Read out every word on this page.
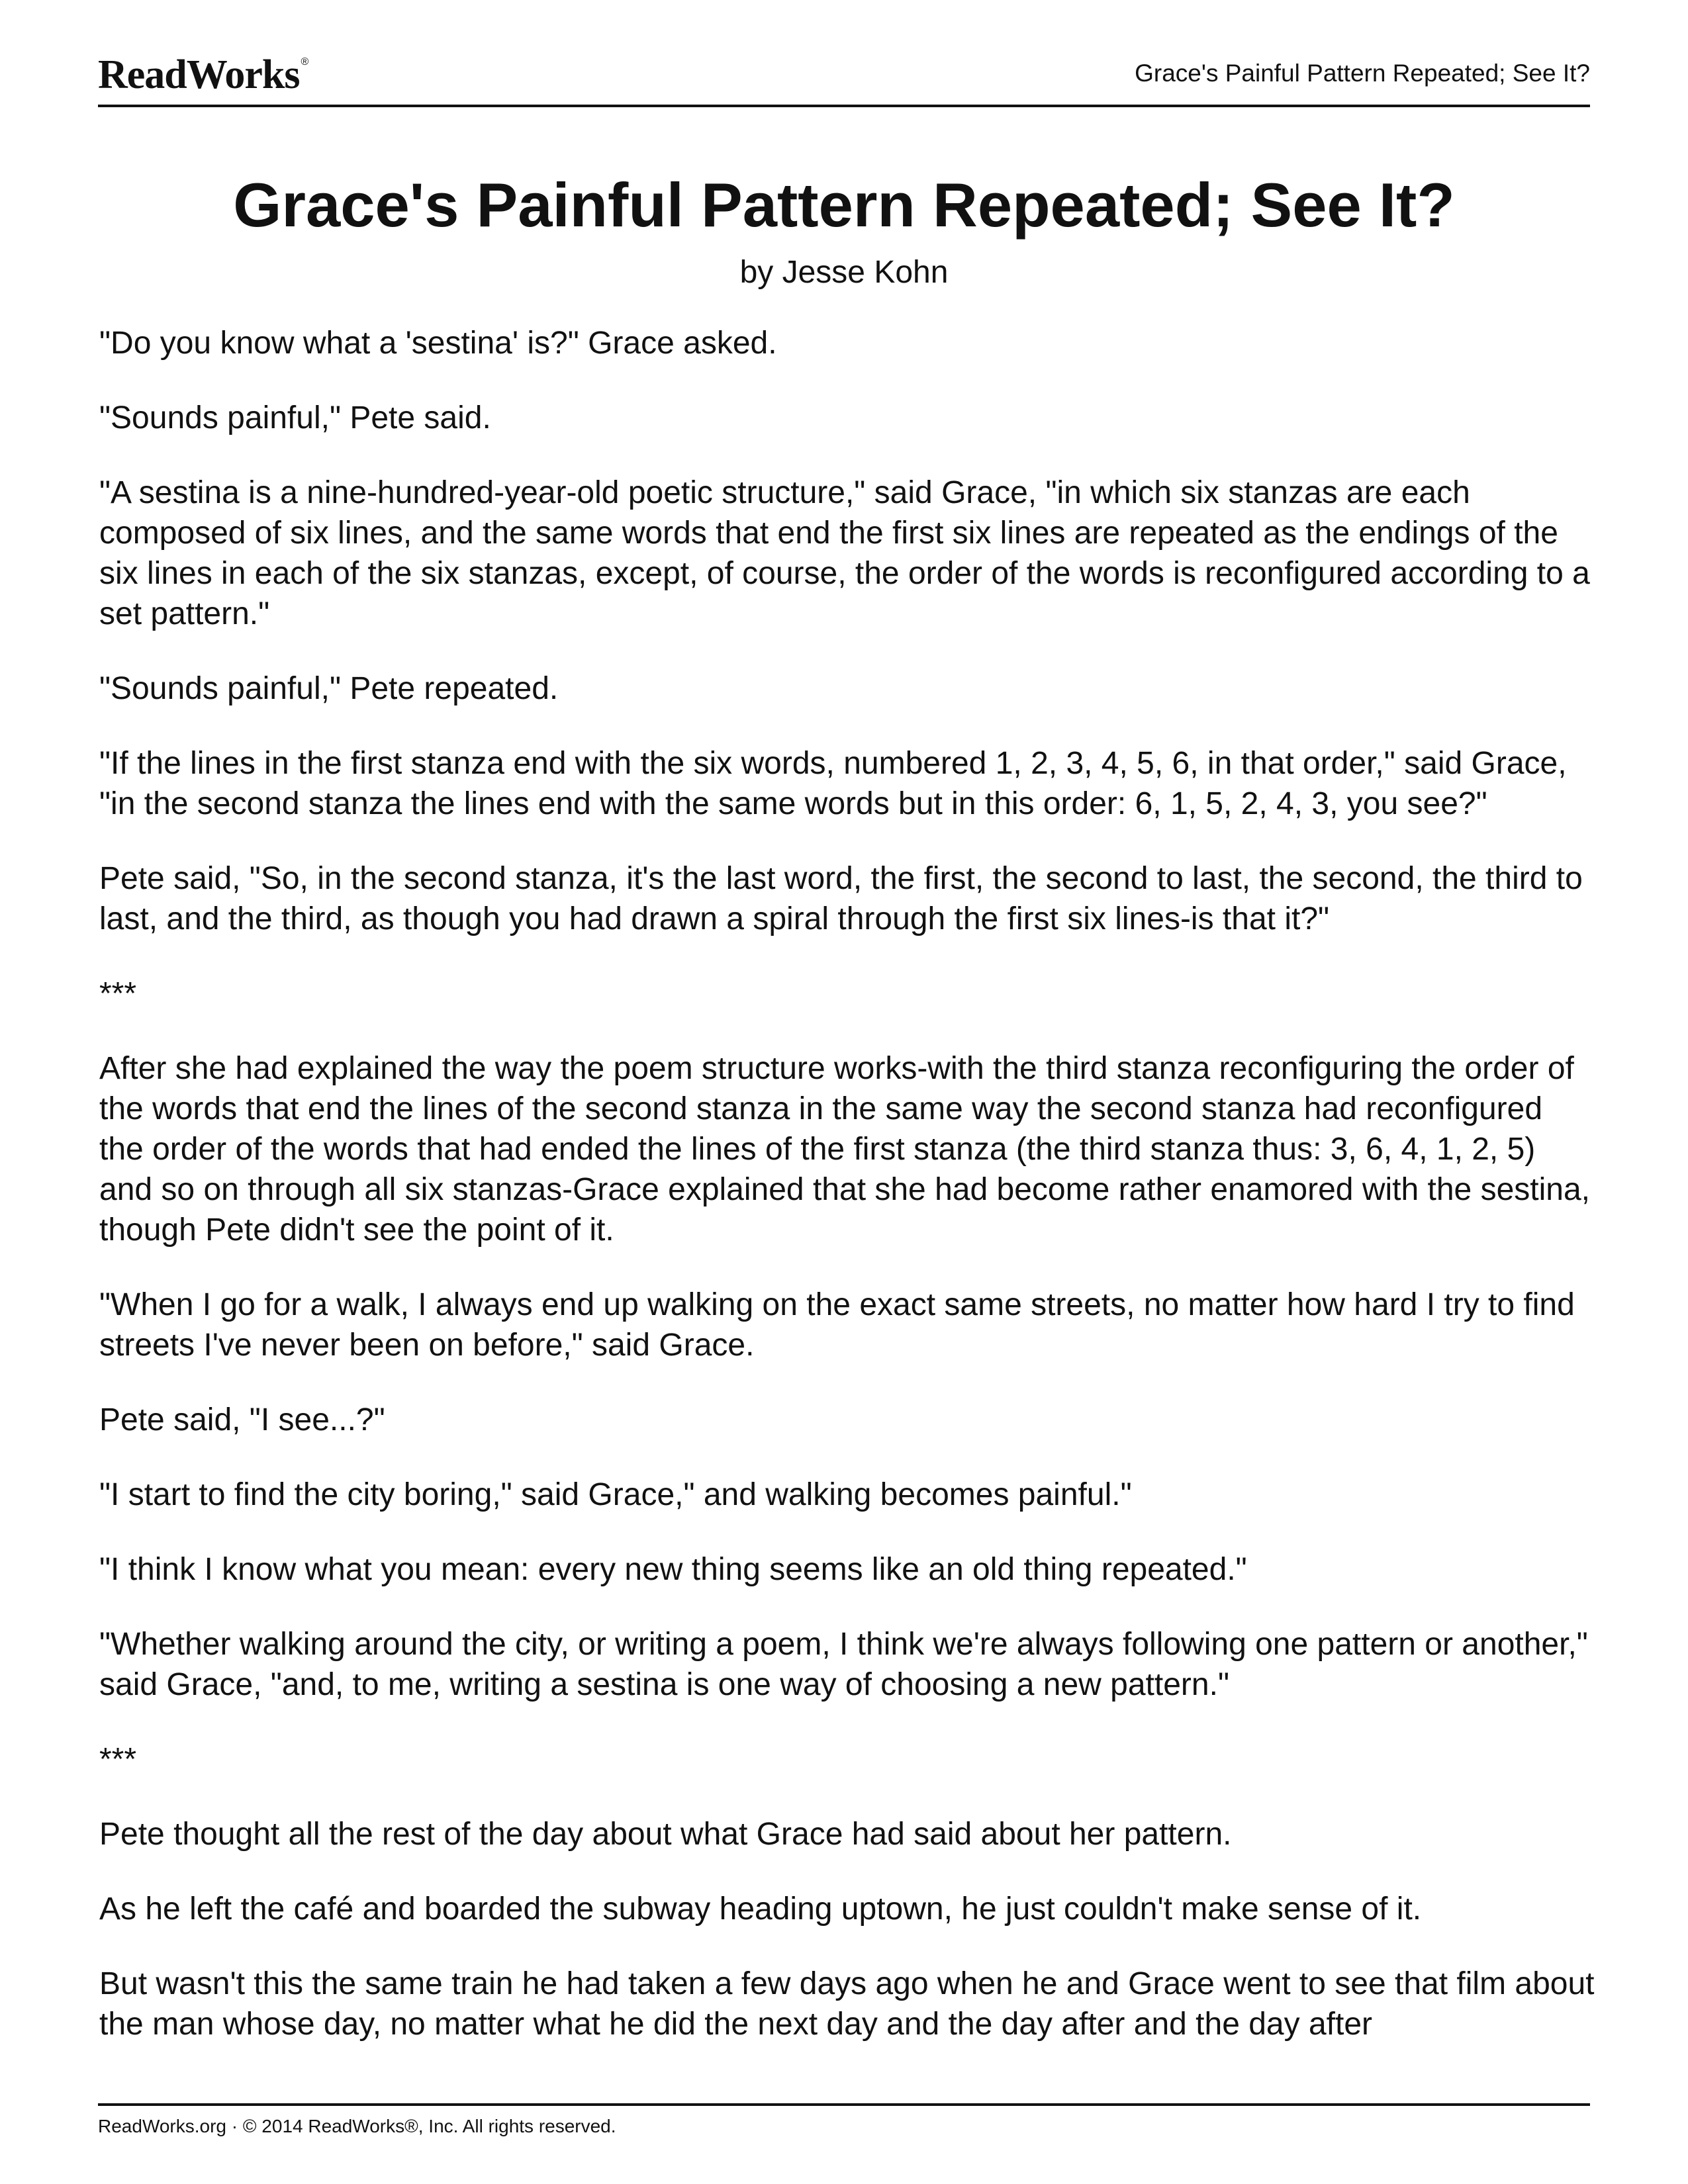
ReadWorks ®	Grace's Painful Pattern Repeated; See It?
Grace's Painful Pattern Repeated; See It?
by Jesse Kohn

"Do you know what a 'sestina' is?" Grace asked.

"Sounds painful," Pete said.

"A sestina is a nine-hundred-year-old poetic structure," said Grace, "in which six stanzas are each composed of six lines, and the same words that end the first six lines are repeated as the endings of the six lines in each of the six stanzas, except, of course, the order of the words is reconfigured according to a set pattern."

"Sounds painful," Pete repeated.

"If the lines in the first stanza end with the six words, numbered 1, 2, 3, 4, 5, 6, in that order," said Grace, "in the second stanza the lines end with the same words but in this order: 6, 1, 5, 2, 4, 3, you see?"

Pete said, "So, in the second stanza, it's the last word, the first, the second to last, the second, the third to last, and the third, as though you had drawn a spiral through the first six lines-is that it?"

***

After she had explained the way the poem structure works-with the third stanza reconfiguring the order of the words that end the lines of the second stanza in the same way the second stanza had reconfigured the order of the words that had ended the lines of the first stanza (the third stanza thus: 3, 6, 4, 1, 2, 5) and so on through all six stanzas-Grace explained that she had become rather enamored with the sestina, though Pete didn't see the point of it.

"When I go for a walk, I always end up walking on the exact same streets, no matter how hard I try to find streets I've never been on before," said Grace.

Pete said, "I see...?"

"I start to find the city boring," said Grace," and walking becomes painful."

"I think I know what you mean: every new thing seems like an old thing repeated."

"Whether walking around the city, or writing a poem, I think we're always following one pattern or another," said Grace, "and, to me, writing a sestina is one way of choosing a new pattern."

***

Pete thought all the rest of the day about what Grace had said about her pattern.

As he left the café and boarded the subway heading uptown, he just couldn't make sense of it.

But wasn't this the same train he had taken a few days ago when he and Grace went to see that film about the man whose day, no matter what he did the next day and the day after and the day after

ReadWorks.org · © 2014 ReadWorks®, Inc. All rights reserved.
